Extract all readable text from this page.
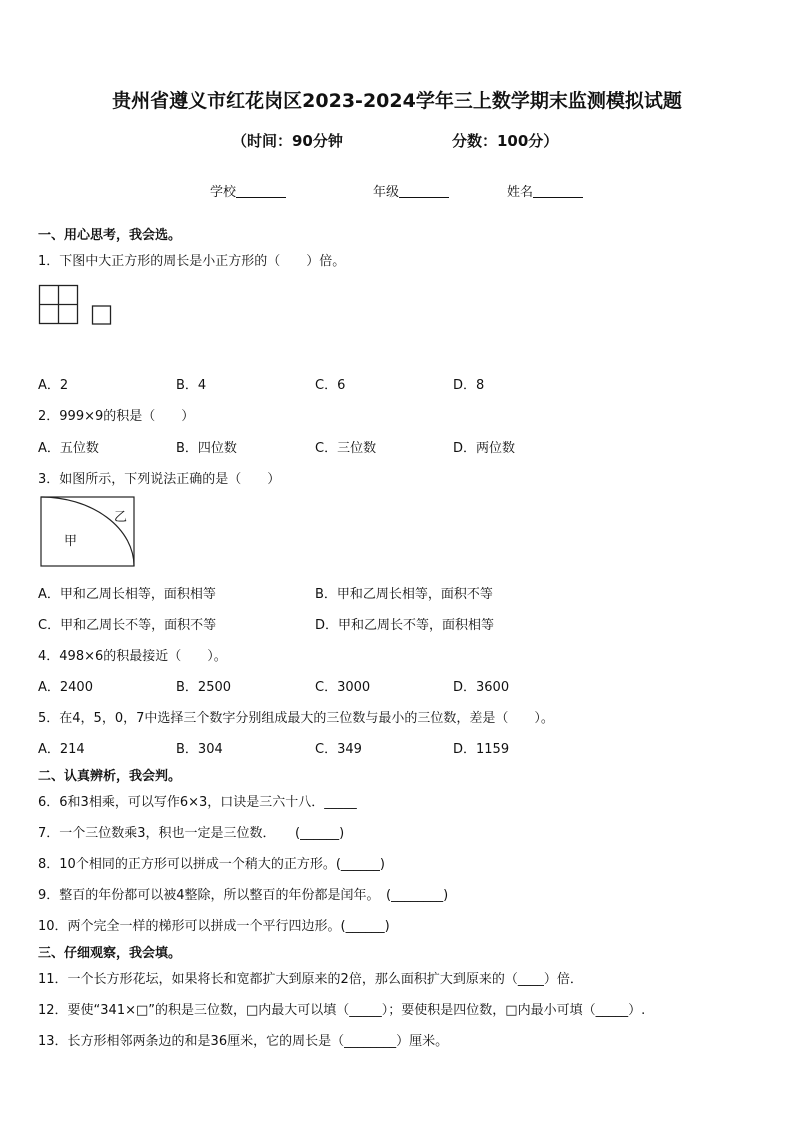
贵州省遵义市红花岗区2023-2024学年三上数学期末监测模拟试题
（时间：90分钟	分数：100分）
学校	年级	姓名
一、用心思考，我会选。
1．下图中大正方形的周长是小正方形的（　　）倍。
A．2	B．4	C．6	D．8
2．999×9的积是（　　）
A．五位数	B．四位数	C．三位数	D．两位数
3．如图所示，下列说法正确的是（　　）
甲
乙
A．甲和乙周长相等，面积相等	B．甲和乙周长相等，面积不等
C．甲和乙周长不等，面积不等	D．甲和乙周长不等，面积相等
4．498×6的积最接近（　　）。
A．2400	B．2500	C．3000	D．3600
5．在4，5，0，7中选择三个数字分别组成最大的三位数与最小的三位数，差是（　　）。
A．214	B．304	C．349	D．1159
二、认真辨析，我会判。
6．6和3相乘，可以写作6×3，口诀是三六十八．_____
7．一个三位数乘3，积也一定是三位数．　　(______)
8．10个相同的正方形可以拼成一个稍大的正方形。(______)
9．整百的年份都可以被4整除，所以整百的年份都是闰年。　(________)
10．两个完全一样的梯形可以拼成一个平行四边形。(______)
三、仔细观察，我会填。
11．一个长方形花坛，如果将长和宽都扩大到原来的2倍，那么面积扩大到原来的（____）倍．
12．要使“341×□”的积是三位数，□内最大可以填（_____）；要使积是四位数，□内最小可填（_____）.
13．长方形相邻两条边的和是36厘米，它的周长是（________）厘米。
